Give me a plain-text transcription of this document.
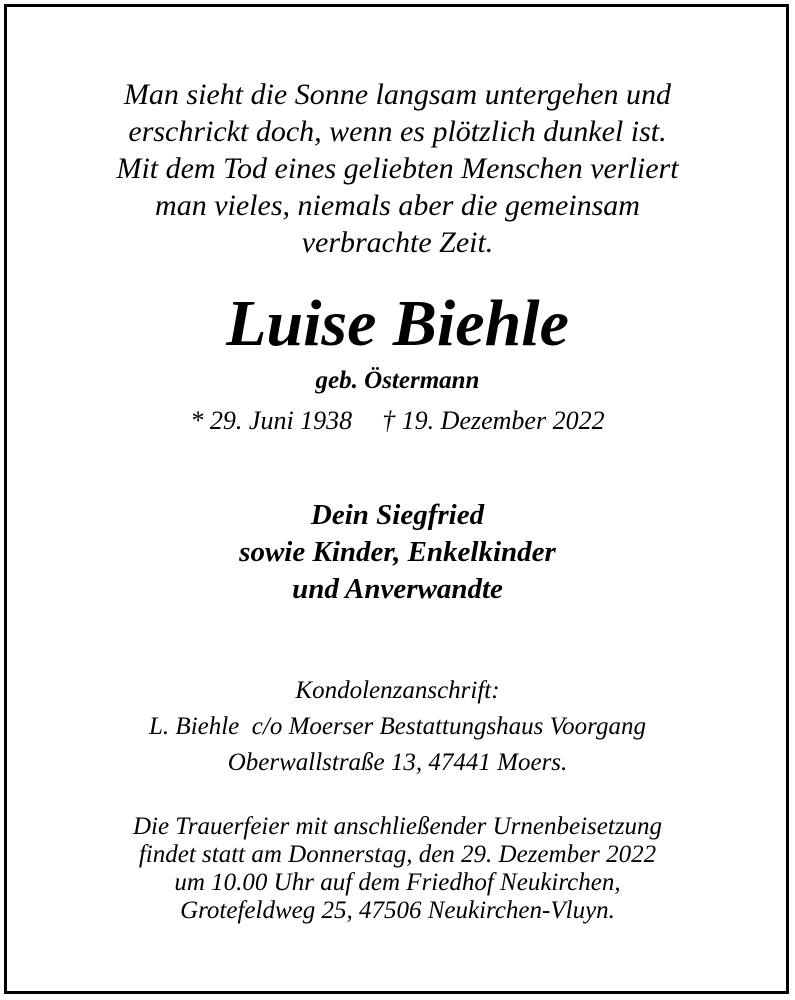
Man sieht die Sonne langsam untergehen und
erschrickt doch, wenn es plötzlich dunkel ist.
Mit dem Tod eines geliebten Menschen verliert
man vieles, niemals aber die gemeinsam
verbrachte Zeit.
Luise Biehle
geb. Östermann
* 29. Juni 1938 † 19. Dezember 2022
Dein Siegfried
sowie Kinder, Enkelkinder
und Anverwandte
Kondolenzanschrift:
L. Biehle  c/o Moerser Bestattungshaus Voorgang
Oberwallstraße 13, 47441 Moers.
Die Trauerfeier mit anschließender Urnenbeisetzung
findet statt am Donnerstag, den 29. Dezember 2022
um 10.00 Uhr auf dem Friedhof Neukirchen,
Grotefeldweg 25, 47506 Neukirchen-Vluyn.
